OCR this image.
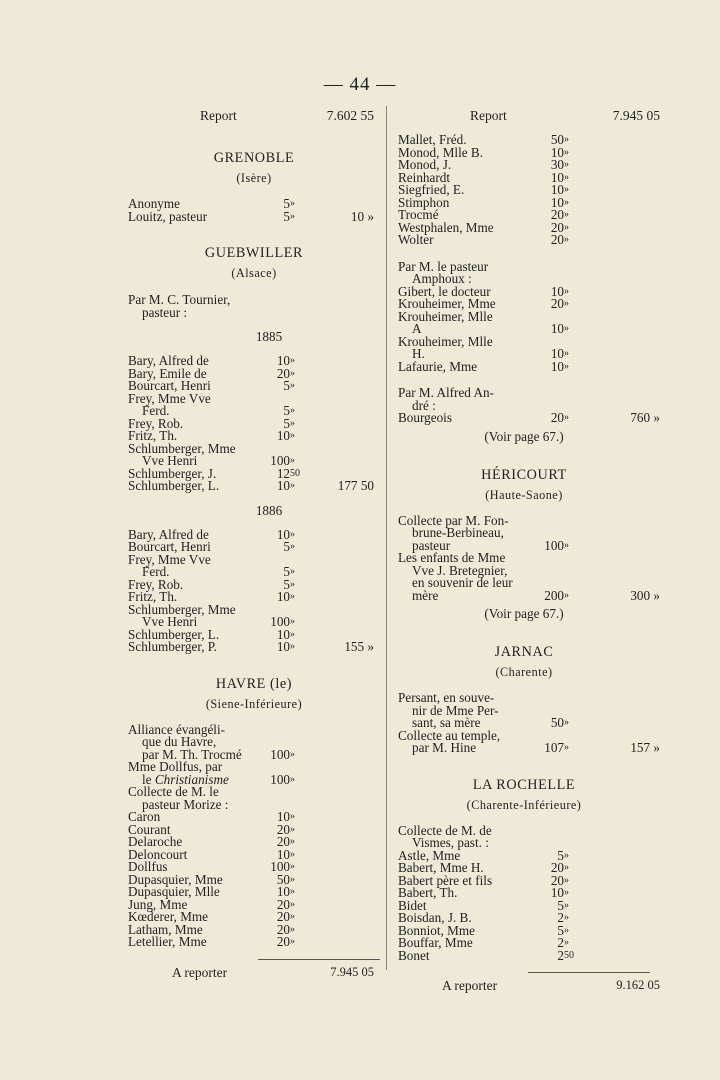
— 44 —
Report	7.602 55
GRENOBLE
(Isère)
Anonyme	5 »
Louitz, pasteur	5 »	10 »
GUEBWILLER
(Alsace)
Par M. C. Tournier,
pasteur :
1885
Bary, Alfred de	10 »
Bary, Emile de	20 »
Bourcart, Henri	5 »
Frey, Mme Vve
Ferd.	5 »
Frey, Rob.	5 »
Fritz, Th.	10 »
Schlumberger, Mme
Vve Henri	100 »
Schlumberger, J.	12 50
Schlumberger, L.	10 »	177 50
1886
Bary, Alfred de	10 »
Bourcart, Henri	5 »
Frey, Mme Vve
Ferd.	5 »
Frey, Rob.	5 »
Fritz, Th.	10 »
Schlumberger, Mme
Vve Henri	100 »
Schlumberger, L.	10 »
Schlumberger, P.	10 »	155 »
HAVRE (le)
(Siene-Inférieure)
Alliance évangéli-
que du Havre,
par M. Th. Trocmé	100 »
Mme Dollfus, par
le Christianisme	100 »
Collecte de M. le
pasteur Morize :
Caron	10 »
Courant	20 »
Delaroche	20 »
Deloncourt	10 »
Dollfus	100 »
Dupasquier, Mme	50 »
Dupasquier, Mlle	10 »
Jung, Mme	20 »
Kœderer, Mme	20 »
Latham, Mme	20 »
Letellier, Mme	20 »
A reporter	7.945 05
Report	7.945 05
Mallet, Fréd.	50 »
Monod, Mlle B.	10 »
Monod, J.	30 »
Reinhardt	10 »
Siegfried, E.	10 »
Stimphon	10 »
Trocmé	20 »
Westphalen, Mme	20 »
Wolter	20 »
Par M. le pasteur
Amphoux :
Gibert, le docteur	10 »
Krouheimer, Mme	20 »
Krouheimer, Mlle
A	10 »
Krouheimer, Mlle
H.	10 »
Lafaurie, Mme	10 »
Par M. Alfred An-
dré :
Bourgeois	20 »	760 »
(Voir page 67.)
HÉRICOURT
(Haute-Saone)
Collecte par M. Fon-
brune-Berbineau,
pasteur	100 »
Les enfants de Mme
Vve J. Bretegnier,
en souvenir de leur
mère	200 »	300 »
(Voir page 67.)
JARNAC
(Charente)
Persant, en souve-
nir de Mme Per-
sant, sa mère	50 »
Collecte au temple,
par M. Hine	107 »	157 »
LA ROCHELLE
(Charente-Inférieure)
Collecte de M. de
Vismes, past. :
Astle, Mme	5 »
Babert, Mme H.	20 »
Babert père et fils	20 »
Babert, Th.	10 »
Bidet	5 »
Boisdan, J. B.	2 »
Bonniot, Mme	5 »
Bouffar, Mme	2 »
Bonet	2 50
A reporter	9.162 05
